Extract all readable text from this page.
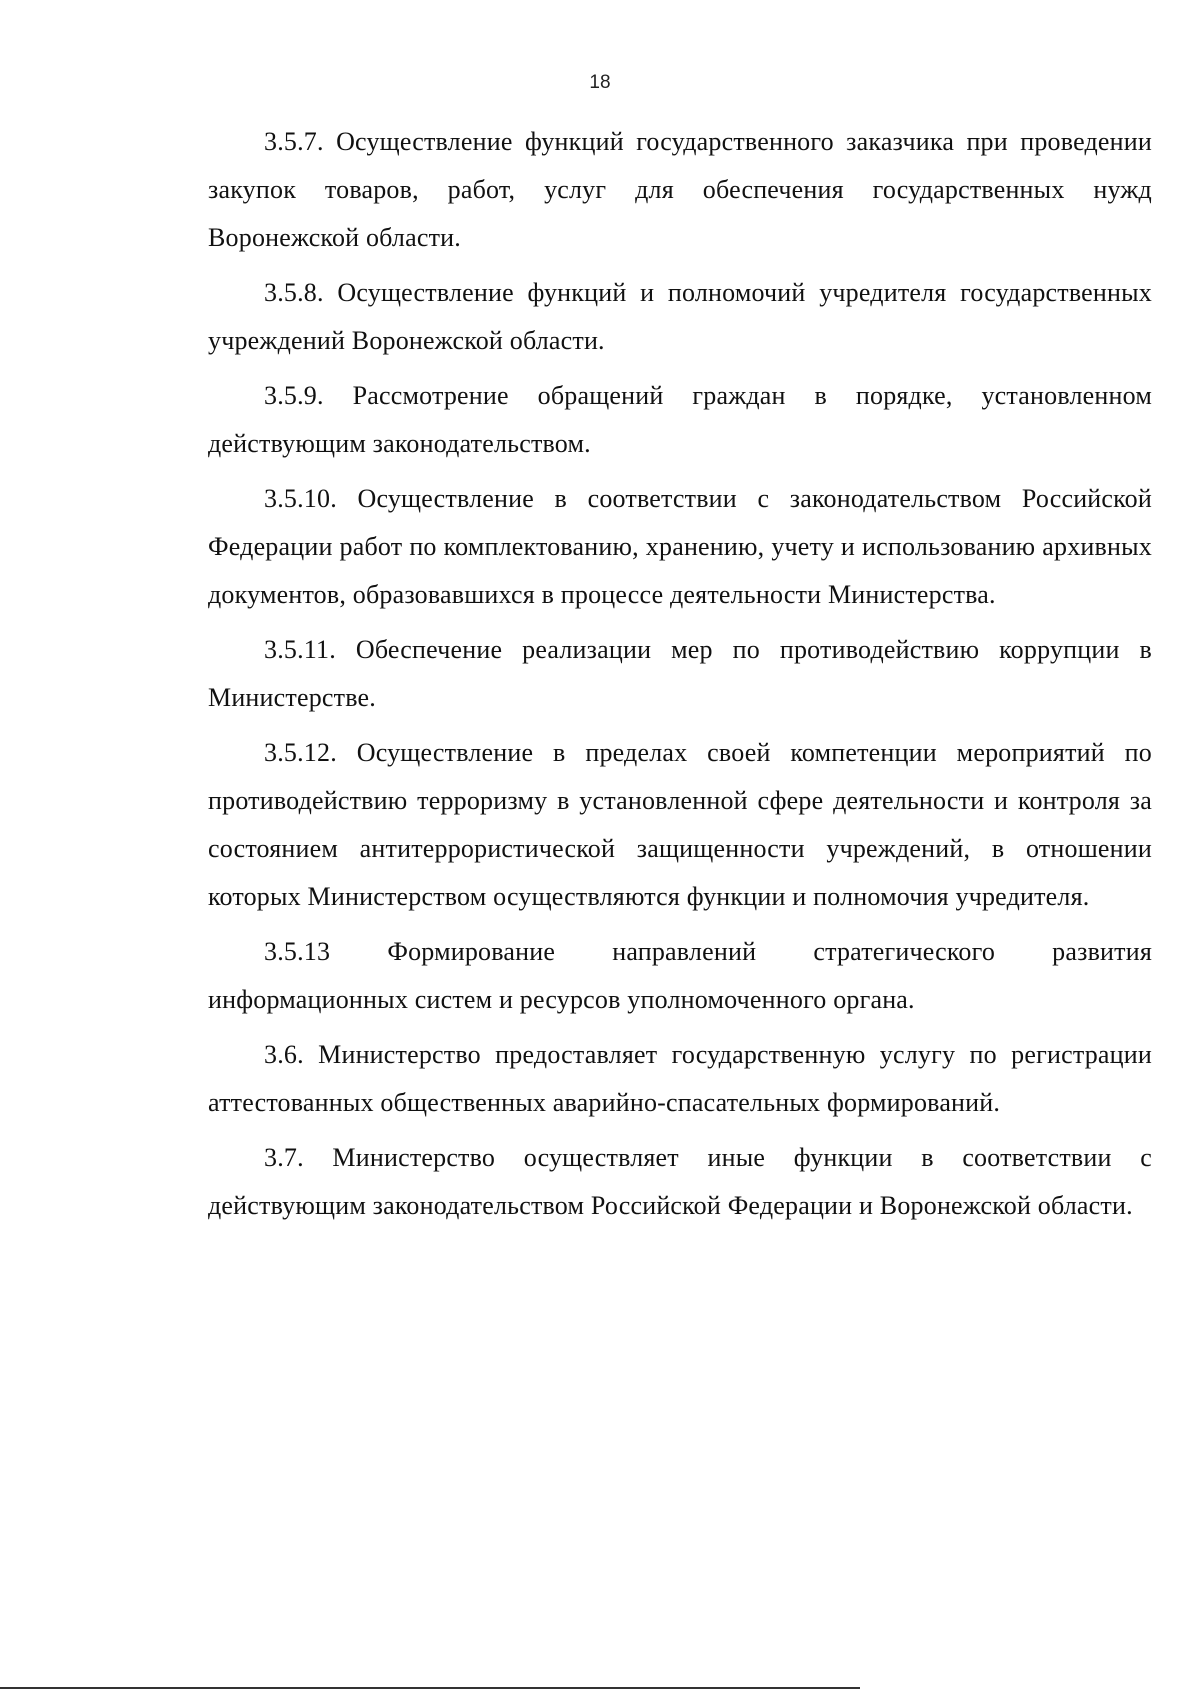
18

3.5.7. Осуществление функций государственного заказчика при проведении закупок товаров, работ, услуг для обеспечения государственных нужд Воронежской области.

3.5.8. Осуществление функций и полномочий учредителя государственных учреждений Воронежской области.

3.5.9. Рассмотрение обращений граждан в порядке, установленном действующим законодательством.

3.5.10. Осуществление в соответствии с законодательством Российской Федерации работ по комплектованию, хранению, учету и использованию архивных документов, образовавшихся в процессе деятельности Министерства.

3.5.11. Обеспечение реализации мер по противодействию коррупции в Министерстве.

3.5.12. Осуществление в пределах своей компетенции мероприятий по противодействию терроризму в установленной сфере деятельности и контроля за состоянием антитеррористической защищенности учреждений, в отношении которых Министерством осуществляются функции и полномочия учредителя.

3.5.13 Формирование направлений стратегического развития информационных систем и ресурсов уполномоченного органа.

3.6. Министерство предоставляет государственную услугу по регистрации аттестованных общественных аварийно-спасательных формирований.

3.7. Министерство осуществляет иные функции в соответствии с действующим законодательством Российской Федерации и Воронежской области.
